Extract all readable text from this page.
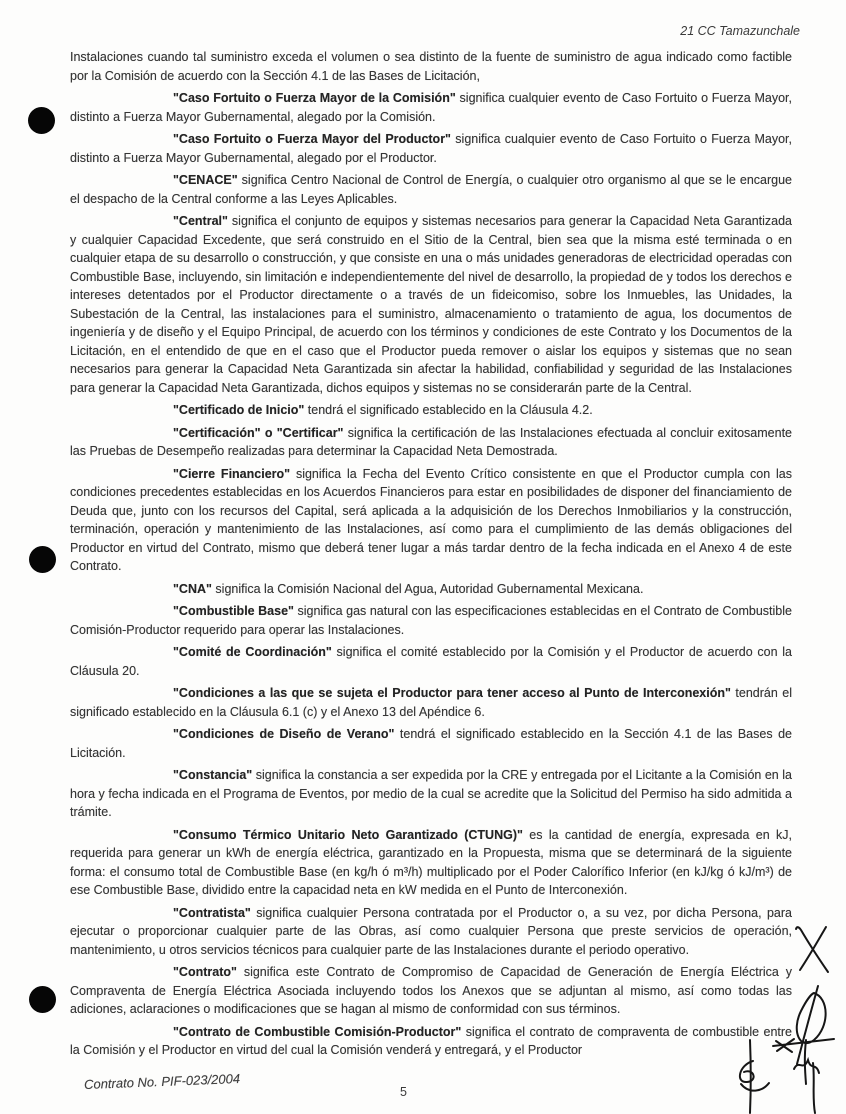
21 CC Tamazunchale

Instalaciones cuando tal suministro exceda el volumen o sea distinto de la fuente de suministro de agua indicado como factible por la Comisión de acuerdo con la Sección 4.1 de las Bases de Licitación,

"Caso Fortuito o Fuerza Mayor de la Comisión" significa cualquier evento de Caso Fortuito o Fuerza Mayor, distinto a Fuerza Mayor Gubernamental, alegado por la Comisión.

"Caso Fortuito o Fuerza Mayor del Productor" significa cualquier evento de Caso Fortuito o Fuerza Mayor, distinto a Fuerza Mayor Gubernamental, alegado por el Productor.

"CENACE" significa Centro Nacional de Control de Energía, o cualquier otro organismo al que se le encargue el despacho de la Central conforme a las Leyes Aplicables.

"Central" significa el conjunto de equipos y sistemas necesarios para generar la Capacidad Neta Garantizada y cualquier Capacidad Excedente, que será construido en el Sitio de la Central, bien sea que la misma esté terminada o en cualquier etapa de su desarrollo o construcción, y que consiste en una o más unidades generadoras de electricidad operadas con Combustible Base, incluyendo, sin limitación e independientemente del nivel de desarrollo, la propiedad de y todos los derechos e intereses detentados por el Productor directamente o a través de un fideicomiso, sobre los Inmuebles, las Unidades, la Subestación de la Central, las instalaciones para el suministro, almacenamiento o tratamiento de agua, los documentos de ingeniería y de diseño y el Equipo Principal, de acuerdo con los términos y condiciones de este Contrato y los Documentos de la Licitación, en el entendido de que en el caso que el Productor pueda remover o aislar los equipos y sistemas que no sean necesarios para generar la Capacidad Neta Garantizada sin afectar la habilidad, confiabilidad y seguridad de las Instalaciones para generar la Capacidad Neta Garantizada, dichos equipos y sistemas no se considerarán parte de la Central.

"Certificado de Inicio" tendrá el significado establecido en la Cláusula 4.2.

"Certificación" o "Certificar" significa la certificación de las Instalaciones efectuada al concluir exitosamente las Pruebas de Desempeño realizadas para determinar la Capacidad Neta Demostrada.

"Cierre Financiero" significa la Fecha del Evento Crítico consistente en que el Productor cumpla con las condiciones precedentes establecidas en los Acuerdos Financieros para estar en posibilidades de disponer del financiamiento de Deuda que, junto con los recursos del Capital, será aplicada a la adquisición de los Derechos Inmobiliarios y la construcción, terminación, operación y mantenimiento de las Instalaciones, así como para el cumplimiento de las demás obligaciones del Productor en virtud del Contrato, mismo que deberá tener lugar a más tardar dentro de la fecha indicada en el Anexo 4 de este Contrato.

"CNA" significa la Comisión Nacional del Agua, Autoridad Gubernamental Mexicana.

"Combustible Base" significa gas natural con las especificaciones establecidas en el Contrato de Combustible Comisión-Productor requerido para operar las Instalaciones.

"Comité de Coordinación" significa el comité establecido por la Comisión y el Productor de acuerdo con la Cláusula 20.

"Condiciones a las que se sujeta el Productor para tener acceso al Punto de Interconexión" tendrán el significado establecido en la Cláusula 6.1 (c) y el Anexo 13 del Apéndice 6.

"Condiciones de Diseño de Verano" tendrá el significado establecido en la Sección 4.1 de las Bases de Licitación.

"Constancia" significa la constancia a ser expedida por la CRE y entregada por el Licitante a la Comisión en la hora y fecha indicada en el Programa de Eventos, por medio de la cual se acredite que la Solicitud del Permiso ha sido admitida a trámite.

"Consumo Térmico Unitario Neto Garantizado (CTUNG)" es la cantidad de energía, expresada en kJ, requerida para generar un kWh de energía eléctrica, garantizado en la Propuesta, misma que se determinará de la siguiente forma: el consumo total de Combustible Base (en kg/h ó m³/h) multiplicado por el Poder Calorífico Inferior (en kJ/kg ó kJ/m³) de ese Combustible Base, dividido entre la capacidad neta en kW medida en el Punto de Interconexión.

"Contratista" significa cualquier Persona contratada por el Productor o, a su vez, por dicha Persona, para ejecutar o proporcionar cualquier parte de las Obras, así como cualquier Persona que preste servicios de operación, mantenimiento, u otros servicios técnicos para cualquier parte de las Instalaciones durante el periodo operativo.

"Contrato" significa este Contrato de Compromiso de Capacidad de Generación de Energía Eléctrica y Compraventa de Energía Eléctrica Asociada incluyendo todos los Anexos que se adjuntan al mismo, así como todas las adiciones, aclaraciones o modificaciones que se hagan al mismo de conformidad con sus términos.

"Contrato de Combustible Comisión-Productor" significa el contrato de compraventa de combustible entre la Comisión y el Productor en virtud del cual la Comisión venderá y entregará, y el Productor

Contrato No. PIF-023/2004
5
